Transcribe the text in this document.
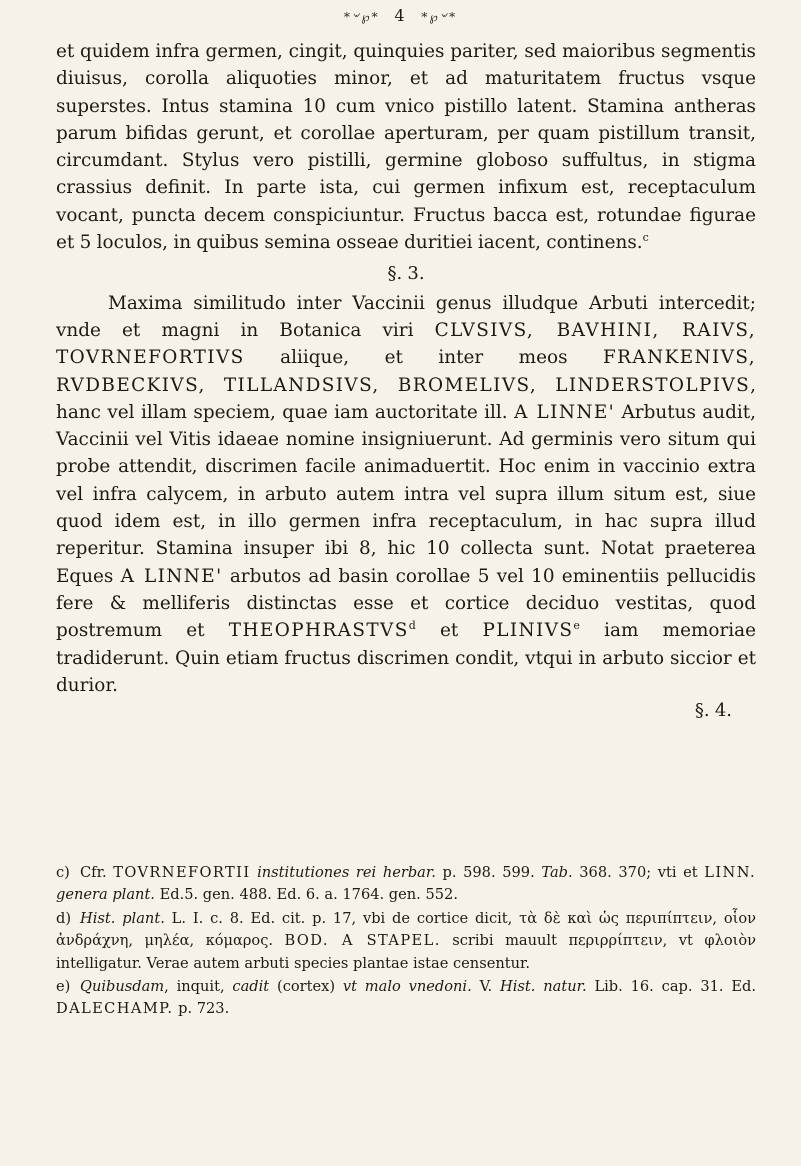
*৺℘* 4 *℘৺*

et quidem infra germen, cingit, quinquies pariter, sed maioribus segmentis diuisus, corolla aliquoties minor, et ad maturitatem fructus vsque superstes. Intus stamina 10 cum vnico pistillo latent. Stamina antheras parum bifidas gerunt, et corollae aperturam, per quam pistillum transit, circumdant. Stylus vero pistilli, germine globoso suffultus, in stigma crassius definit. In parte ista, cui germen infixum est, receptaculum vocant, puncta decem conspiciuntur. Fructus bacca est, rotundae figurae et 5 loculos, in quibus semina osseae duritiei iacent, continens.$^c$

§. 3.

Maxima similitudo inter Vaccinii genus illudque Arbuti intercedit; vnde et magni in Botanica viri CLVSIVS, BAVHINI, RAIVS, TOVRNEFORTIVS aliique, et inter meos FRANKENIVS, RVDBECKIVS, TILLANDSIVS, BROMELIVS, LINDERSTOLPIVS, hanc vel illam speciem, quae iam auctoritate ill. A LINNE' Arbutus audit, Vaccinii vel Vitis idaeae nomine insigniuerunt. Ad germinis vero situm qui probe attendit, discrimen facile animaduertit. Hoc enim in vaccinio extra vel infra calycem, in arbuto autem intra vel supra illum situm est, siue quod idem est, in illo germen infra receptaculum, in hac supra illud reperitur. Stamina insuper ibi 8, hic 10 collecta sunt. Notat praeterea Eques A LINNE' arbutos ad basin corollae 5 vel 10 eminentiis pellucidis fere & melliferis distinctas esse et cortice deciduo vestitas, quod postremum et THEOPHRASTVS$^d$ et PLINIVS$^e$ iam memoriae tradiderunt. Quin etiam fructus discrimen condit, vtqui in arbuto siccior et durior.

§. 4.

c) Cfr. TOVRNEFORTII institutiones rei herbar. p. 598. 599. Tab. 368. 370; vti et LINN. genera plant. Ed.5. gen. 488. Ed. 6. a. 1764. gen. 552.

d) Hist. plant. L. I. c. 8. Ed. cit. p. 17, vbi de cortice dicit, τὰ δὲ καὶ ὡς περιπίπτειν, οἷον ἀνδράχνη, μηλέα, κόμαρος. BOD. A STAPEL. scribi mauult περιρρίπτειν, vt φλοιὸν intelligatur. Verae autem arbuti species plantae istae censentur.

e) Quibusdam, inquit, cadit (cortex) vt malo vnedoni. V. Hist. natur. Lib. 16. cap. 31. Ed. DALECHAMP. p. 723.
